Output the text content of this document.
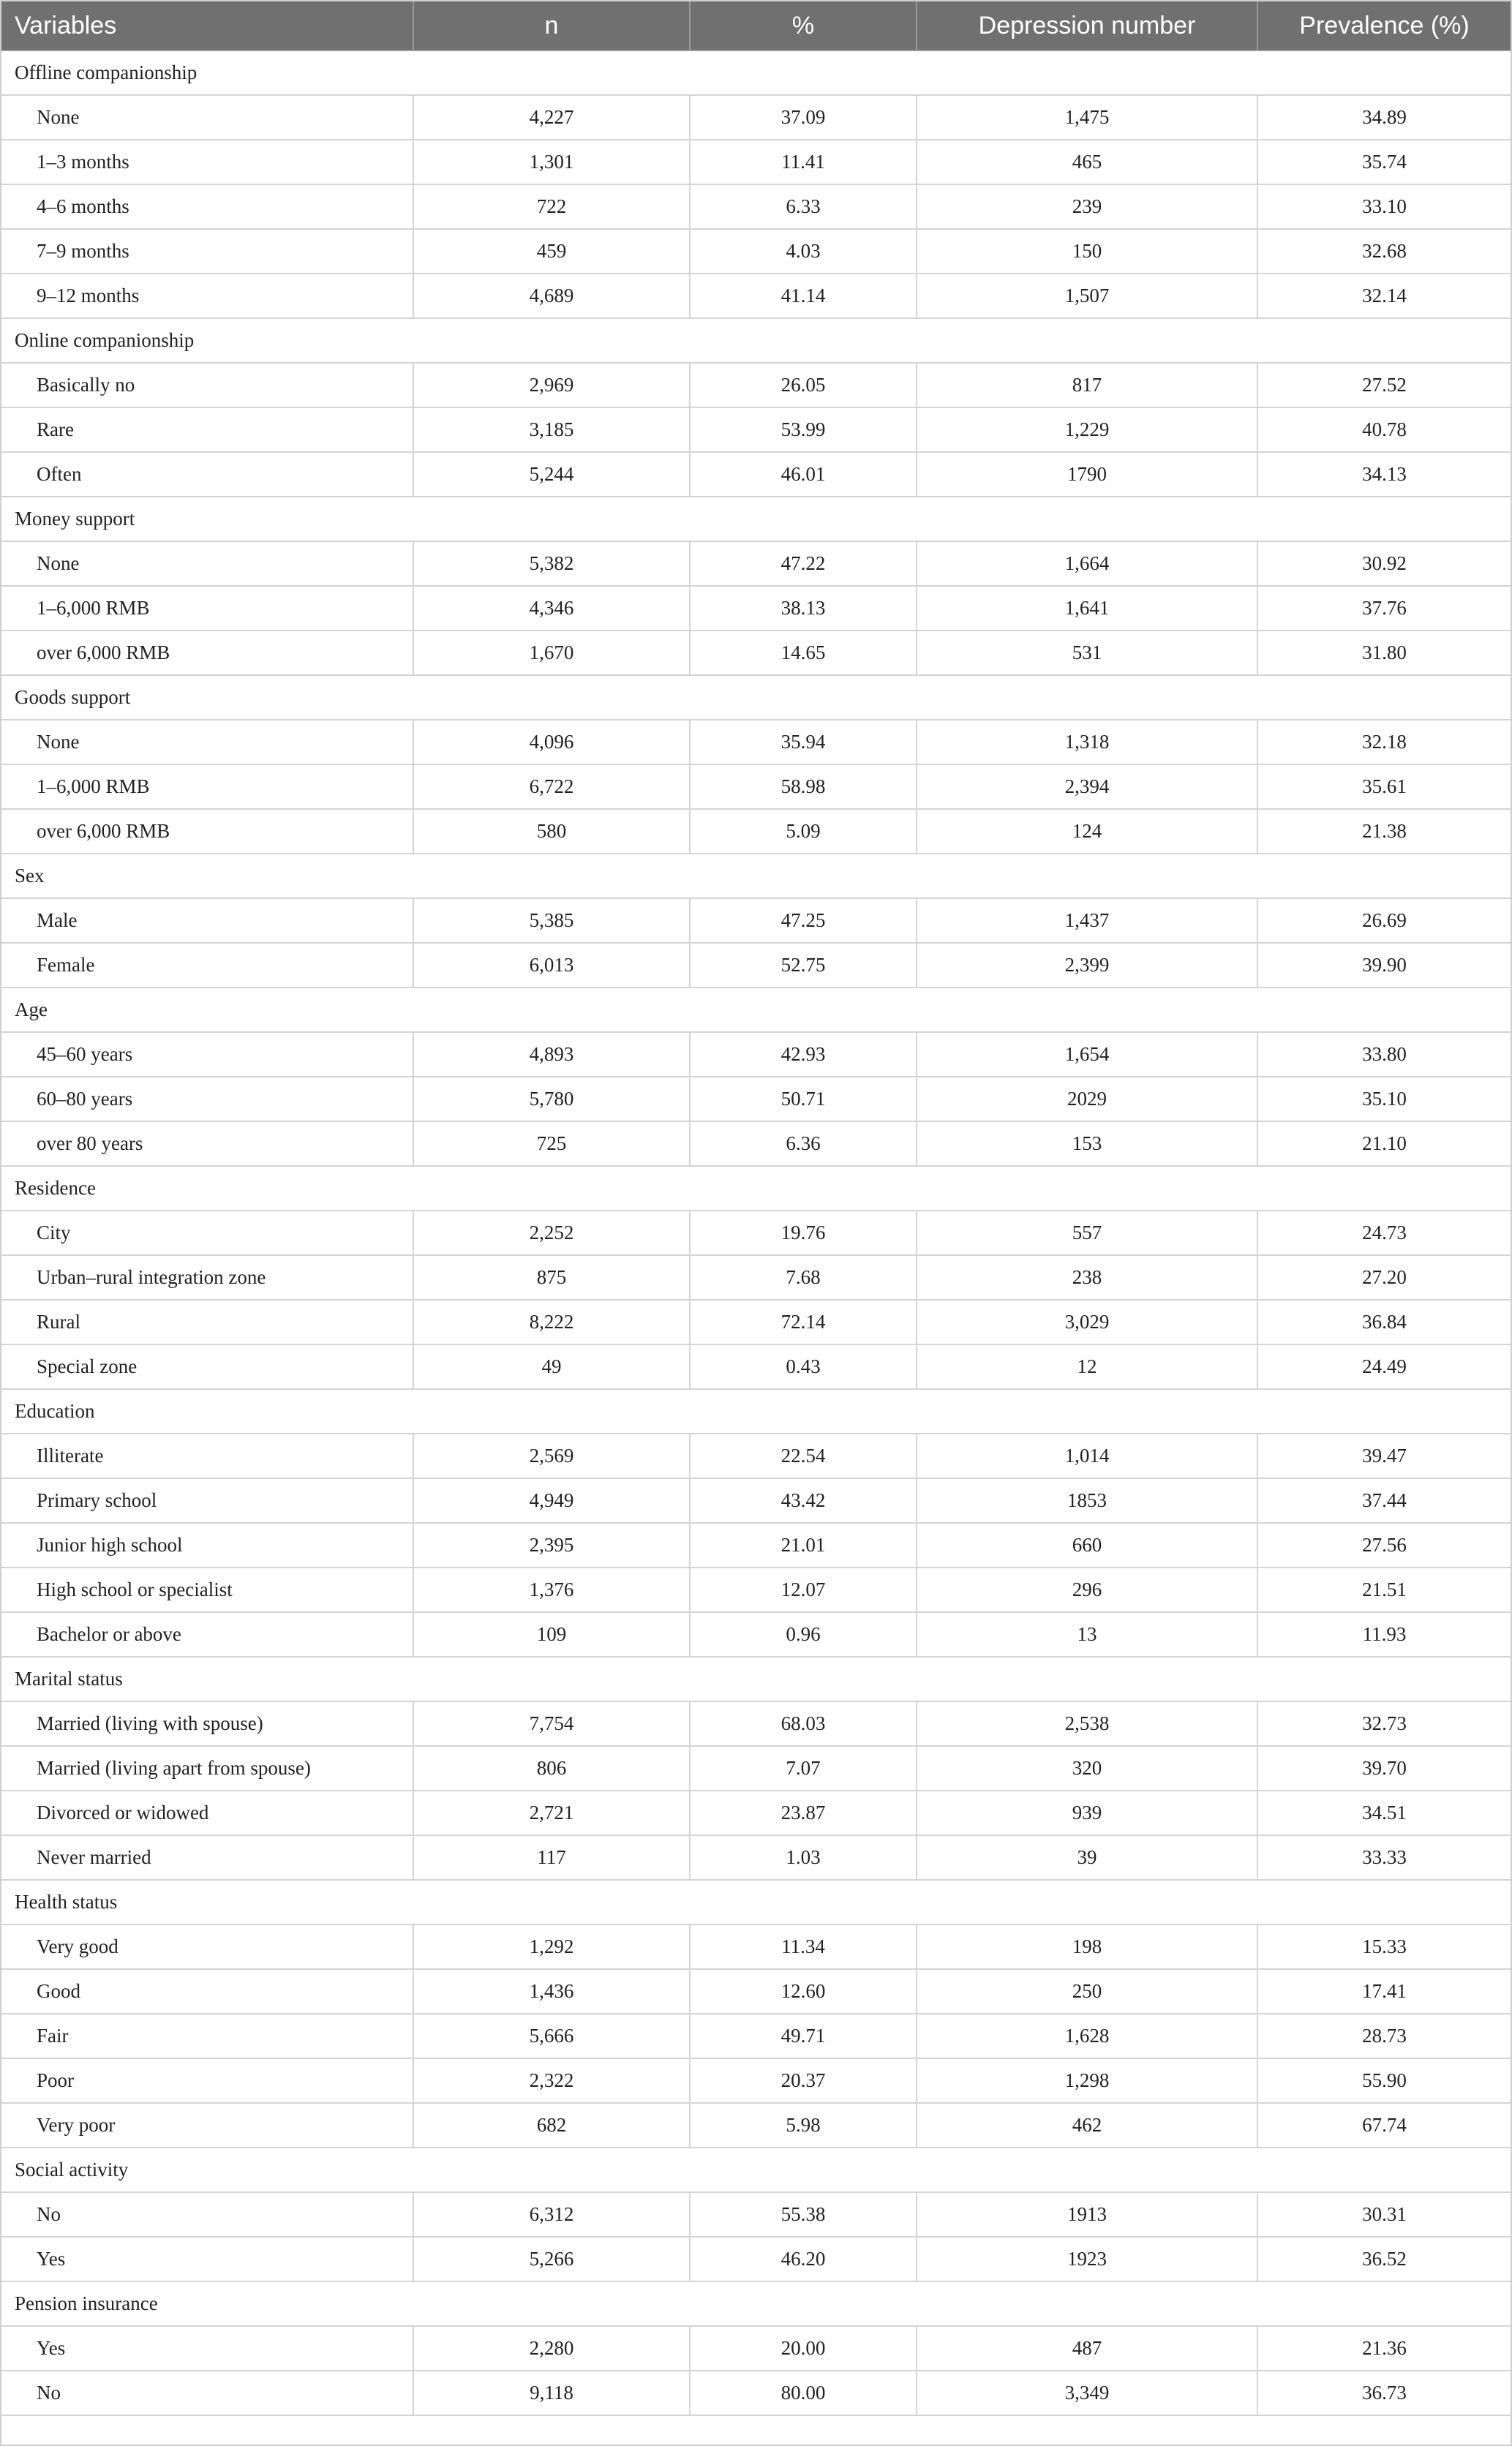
Variables	n	%	Depression number	Prevalence (%)
Offline companionship				
None	4,227	37.09	1,475	34.89
1–3 months	1,301	11.41	465	35.74
4–6 months	722	6.33	239	33.10
7–9 months	459	4.03	150	32.68
9–12 months	4,689	41.14	1,507	32.14
Online companionship				
Basically no	2,969	26.05	817	27.52
Rare	3,185	53.99	1,229	40.78
Often	5,244	46.01	1790	34.13
Money support				
None	5,382	47.22	1,664	30.92
1–6,000 RMB	4,346	38.13	1,641	37.76
over 6,000 RMB	1,670	14.65	531	31.80
Goods support				
None	4,096	35.94	1,318	32.18
1–6,000 RMB	6,722	58.98	2,394	35.61
over 6,000 RMB	580	5.09	124	21.38
Sex				
Male	5,385	47.25	1,437	26.69
Female	6,013	52.75	2,399	39.90
Age				
45–60 years	4,893	42.93	1,654	33.80
60–80 years	5,780	50.71	2029	35.10
over 80 years	725	6.36	153	21.10
Residence				
City	2,252	19.76	557	24.73
Urban–rural integration zone	875	7.68	238	27.20
Rural	8,222	72.14	3,029	36.84
Special zone	49	0.43	12	24.49
Education				
Illiterate	2,569	22.54	1,014	39.47
Primary school	4,949	43.42	1853	37.44
Junior high school	2,395	21.01	660	27.56
High school or specialist	1,376	12.07	296	21.51
Bachelor or above	109	0.96	13	11.93
Marital status				
Married (living with spouse)	7,754	68.03	2,538	32.73
Married (living apart from spouse)	806	7.07	320	39.70
Divorced or widowed	2,721	23.87	939	34.51
Never married	117	1.03	39	33.33
Health status				
Very good	1,292	11.34	198	15.33
Good	1,436	12.60	250	17.41
Fair	5,666	49.71	1,628	28.73
Poor	2,322	20.37	1,298	55.90
Very poor	682	5.98	462	67.74
Social activity				
No	6,312	55.38	1913	30.31
Yes	5,266	46.20	1923	36.52
Pension insurance				
Yes	2,280	20.00	487	21.36
No	9,118	80.00	3,349	36.73
